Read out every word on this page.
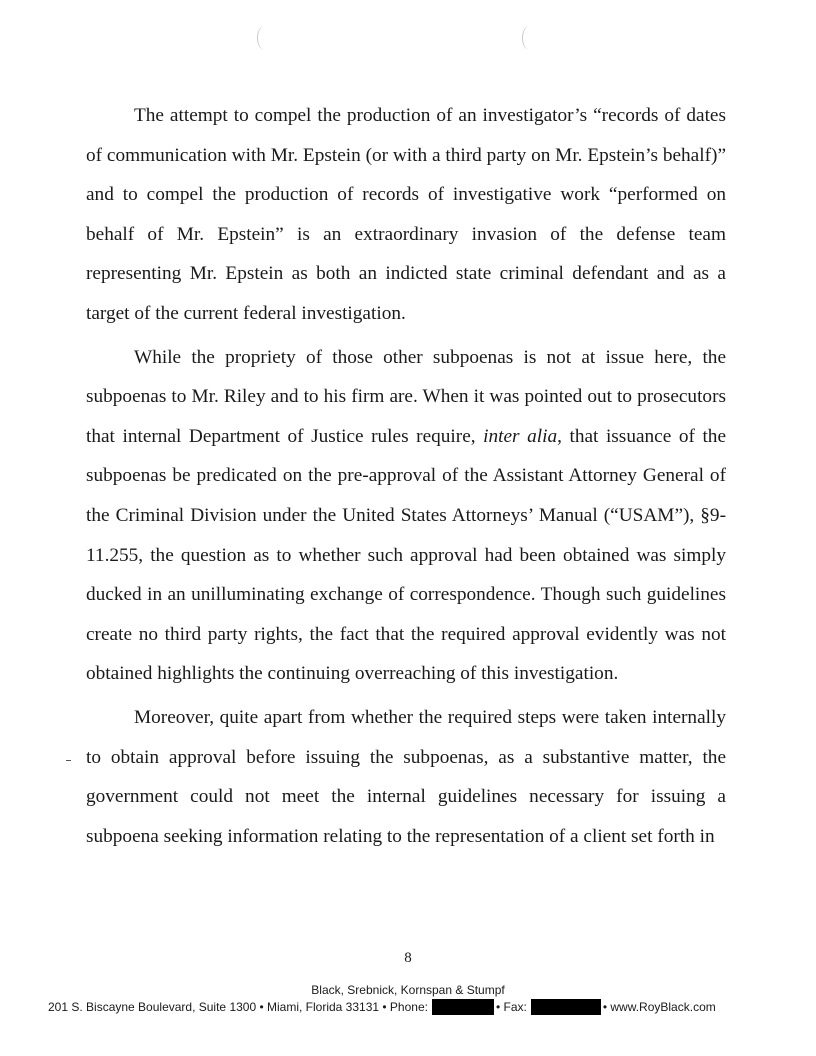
The attempt to compel the production of an investigator’s “records of dates of communication with Mr. Epstein (or with a third party on Mr. Epstein’s behalf)” and to compel the production of records of investigative work “performed on behalf of Mr. Epstein” is an extraordinary invasion of the defense team representing Mr. Epstein as both an indicted state criminal defendant and as a target of the current federal investigation.

While the propriety of those other subpoenas is not at issue here, the subpoenas to Mr. Riley and to his firm are. When it was pointed out to prosecutors that internal Department of Justice rules require, inter alia, that issuance of the subpoenas be predicated on the pre-approval of the Assistant Attorney General of the Criminal Division under the United States Attorneys’ Manual (“USAM”), §9-11.255, the question as to whether such approval had been obtained was simply ducked in an unilluminating exchange of correspondence. Though such guidelines create no third party rights, the fact that the required approval evidently was not obtained highlights the continuing overreaching of this investigation.

Moreover, quite apart from whether the required steps were taken internally to obtain approval before issuing the subpoenas, as a substantive matter, the government could not meet the internal guidelines necessary for issuing a subpoena seeking information relating to the representation of a client set forth in

8
Black, Srebnick, Kornspan & Stumpf
201 S. Biscayne Boulevard, Suite 1300 • Miami, Florida 33131 • Phone:	• Fax:	• www.RoyBlack.com
